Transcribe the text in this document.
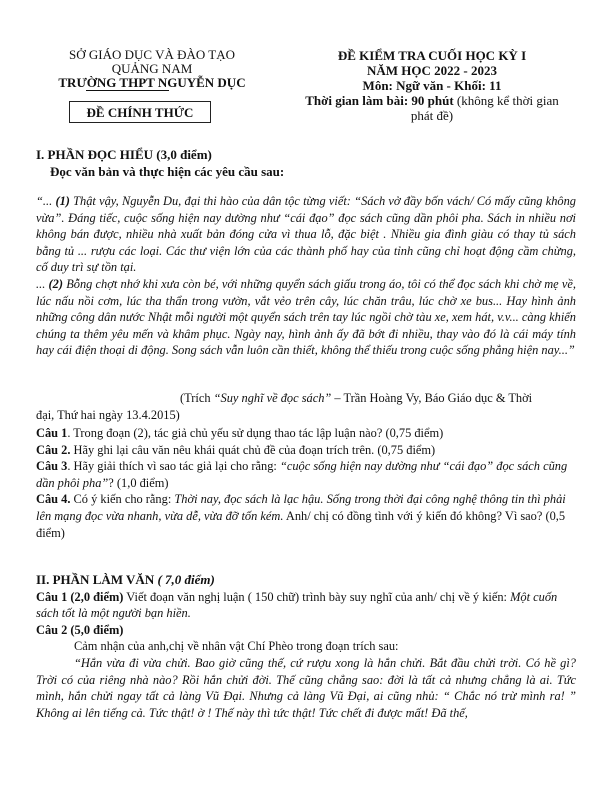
SỞ GIÁO DỤC VÀ ĐÀO TẠO
QUẢNG NAM
TRƯỜNG THPT NGUYỄN DỤC
ĐỀ CHÍNH THỨC
ĐỀ KIỂM TRA CUỐI HỌC KỲ I
NĂM HỌC 2022 - 2023
Môn: Ngữ văn - Khối: 11
Thời gian làm bài: 90 phút (không kể thời gian
phát đề)
I. PHẦN ĐỌC HIỂU (3,0 điểm)
Đọc văn bản và thực hiện các yêu cầu sau:
“... (1) Thật vậy, Nguyễn Du, đại thi hào của dân tộc từng viết: “Sách vở đầy bốn vách/ Có mấy cũng không vừa”. Đáng tiếc, cuộc sống hiện nay dường như “cái đạo” đọc sách cũng dần phôi pha. Sách in nhiều nơi không bán được, nhiều nhà xuất bản đóng cửa vì thua lỗ, đặc biệt . Nhiều gia đình giàu có thay tủ sách bằng tủ ... rượu các loại. Các thư viện lớn của các thành phố hay của tỉnh cũng chỉ hoạt động cầm chừng, cố duy trì sự tồn tại.
... (2) Bỗng chợt nhớ khi xưa còn bé, với những quyển sách giấu trong áo, tôi có thể đọc sách khi chờ mẹ về, lúc nấu nồi cơm, lúc tha thẩn trong vườn, vắt vẻo trên cây, lúc chăn trâu, lúc chờ xe bus... Hay hình ảnh những công dân nước Nhật mỗi người một quyển sách trên tay lúc ngồi chờ tàu xe, xem hát, v.v... càng khiến chúng ta thêm yêu mến và khâm phục. Ngày nay, hình ảnh ấy đã bớt đi nhiều, thay vào đó là cái máy tính hay cái điện thoại di động. Song sách vẫn luôn cần thiết, không thể thiếu trong cuộc sống phẳng hiện nay...”
(Trích “Suy nghĩ về đọc sách” – Trần Hoàng Vy, Báo Giáo dục & Thời
đại, Thứ hai ngày 13.4.2015)
Câu 1. Trong đoạn (2), tác giả chủ yếu sử dụng thao tác lập luận nào? (0,75 điểm)
Câu 2. Hãy ghi lại câu văn nêu khái quát chủ đề của đoạn trích trên. (0,75 điểm)
Câu 3. Hãy giải thích vì sao tác giả lại cho rằng: “cuộc sống hiện nay dường như “cái đạo” đọc sách cũng dần phôi pha”? (1,0 điểm)
Câu 4. Có ý kiến cho rằng: Thời nay, đọc sách là lạc hậu. Sống trong thời đại công nghệ thông tin thì phải lên mạng đọc vừa nhanh, vừa dễ, vừa đỡ tốn kém. Anh/ chị có đồng tình với ý kiến đó không? Vì sao? (0,5 điểm)
II. PHẦN LÀM VĂN ( 7,0 điểm)
Câu 1 (2,0 điểm) Viết đoạn văn nghị luận ( 150 chữ) trình bày suy nghĩ của anh/ chị về ý kiến: Một cuốn sách tốt là một người bạn hiền.
Câu 2 (5,0 điểm)
Cảm nhận của anh,chị về nhân vật Chí Phèo trong đoạn trích sau:
“Hắn vừa đi vừa chửi. Bao giờ cũng thế, cứ rượu xong là hắn chửi. Bắt đầu chửi trời. Có hề gì? Trời có của riêng nhà nào? Rồi hắn chửi đời. Thế cũng chẳng sao: đời là tất cả nhưng chẳng là ai. Tức mình, hắn chửi ngay tất cả làng Vũ Đại. Nhưng cả làng Vũ Đại, ai cũng nhủ: “ Chắc nó trừ mình ra! ” Không ai lên tiếng cả. Tức thật! ờ ! Thế này thì tức thật! Tức chết đi được mất! Đã thế,
